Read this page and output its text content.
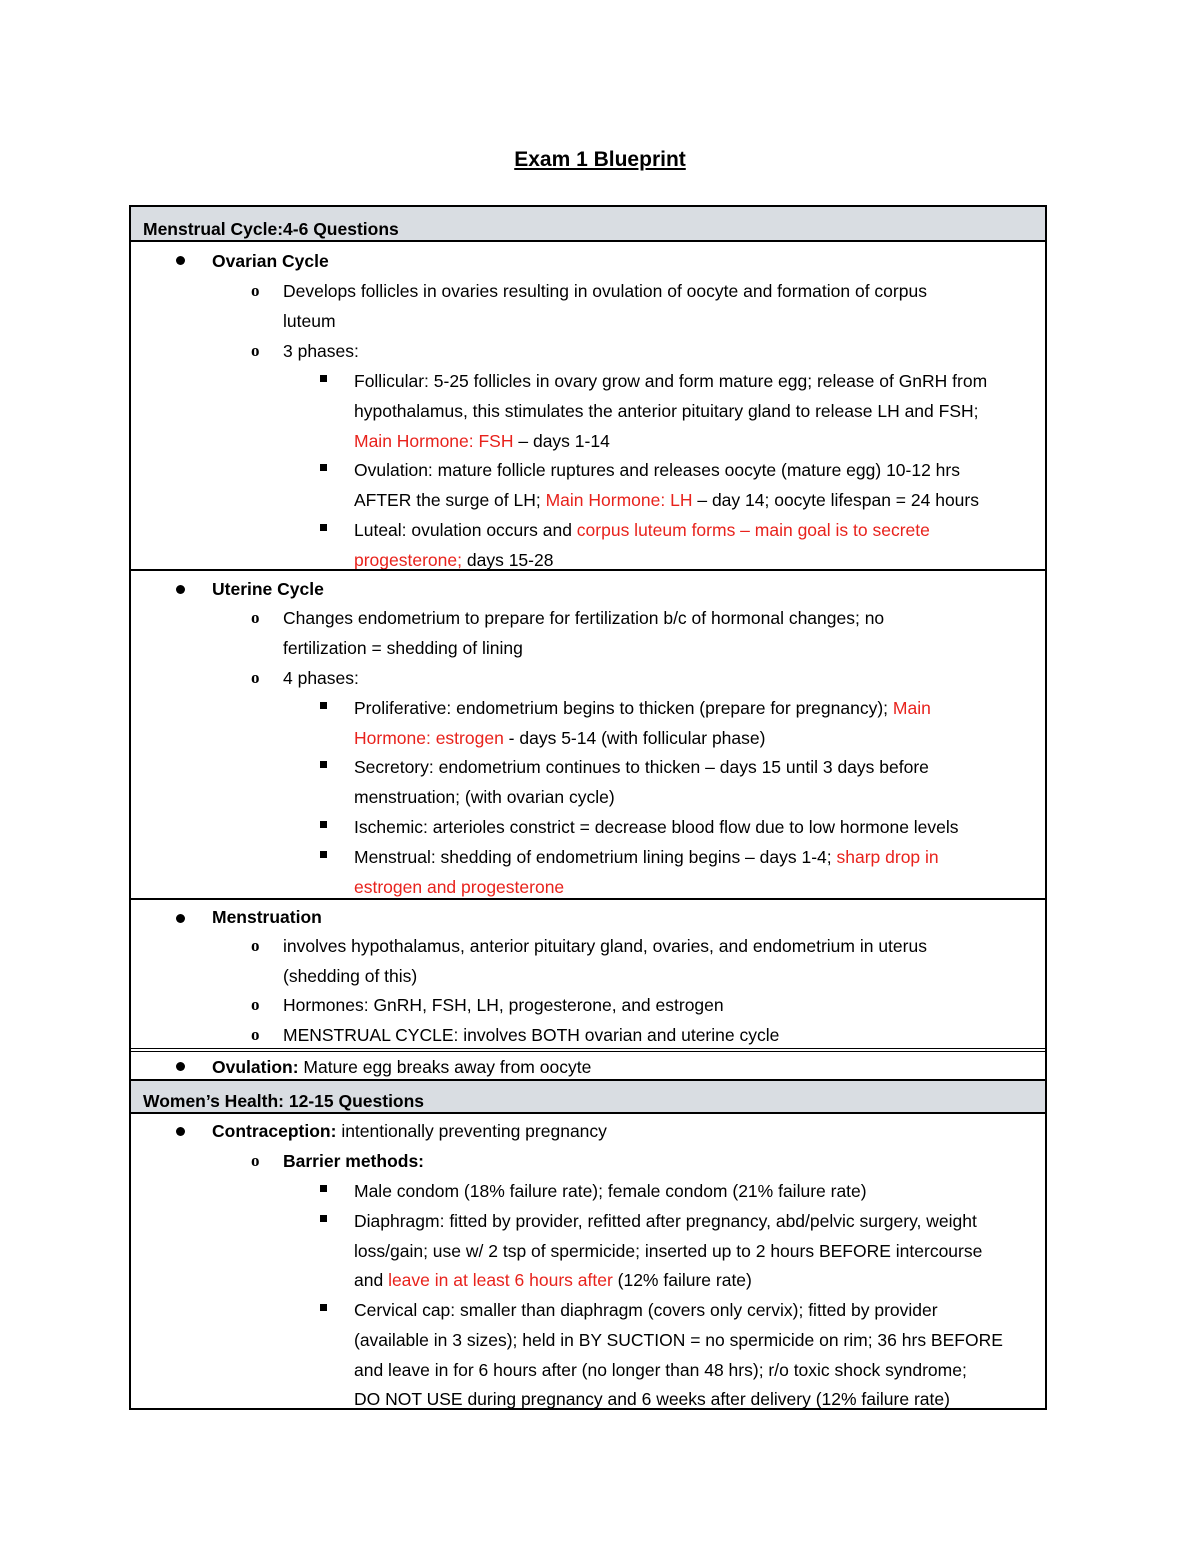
Exam 1 Blueprint
Menstrual Cycle:4-6 Questions
Ovarian Cycle
o Develops follicles in ovaries resulting in ovulation of oocyte and formation of corpus
luteum
o 3 phases:
Follicular: 5-25 follicles in ovary grow and form mature egg; release of GnRH from
hypothalamus, this stimulates the anterior pituitary gland to release LH and FSH;
Main Hormone: FSH – days 1-14
Ovulation: mature follicle ruptures and releases oocyte (mature egg) 10-12 hrs
AFTER the surge of LH; Main Hormone: LH – day 14; oocyte lifespan = 24 hours
Luteal: ovulation occurs and corpus luteum forms – main goal is to secrete
progesterone; days 15-28
Uterine Cycle
o Changes endometrium to prepare for fertilization b/c of hormonal changes; no
fertilization = shedding of lining
o 4 phases:
Proliferative: endometrium begins to thicken (prepare for pregnancy); Main
Hormone: estrogen - days 5-14 (with follicular phase)
Secretory: endometrium continues to thicken – days 15 until 3 days before
menstruation; (with ovarian cycle)
Ischemic: arterioles constrict = decrease blood flow due to low hormone levels
Menstrual: shedding of endometrium lining begins – days 1-4; sharp drop in
estrogen and progesterone
Menstruation
o involves hypothalamus, anterior pituitary gland, ovaries, and endometrium in uterus
(shedding of this)
o Hormones: GnRH, FSH, LH, progesterone, and estrogen
o MENSTRUAL CYCLE: involves BOTH ovarian and uterine cycle
Ovulation: Mature egg breaks away from oocyte
Women’s Health: 12-15 Questions
Contraception: intentionally preventing pregnancy
o Barrier methods:
Male condom (18% failure rate); female condom (21% failure rate)
Diaphragm: fitted by provider, refitted after pregnancy, abd/pelvic surgery, weight
loss/gain; use w/ 2 tsp of spermicide; inserted up to 2 hours BEFORE intercourse
and leave in at least 6 hours after (12% failure rate)
Cervical cap: smaller than diaphragm (covers only cervix); fitted by provider
(available in 3 sizes); held in BY SUCTION = no spermicide on rim; 36 hrs BEFORE
and leave in for 6 hours after (no longer than 48 hrs); r/o toxic shock syndrome;
DO NOT USE during pregnancy and 6 weeks after delivery (12% failure rate)
